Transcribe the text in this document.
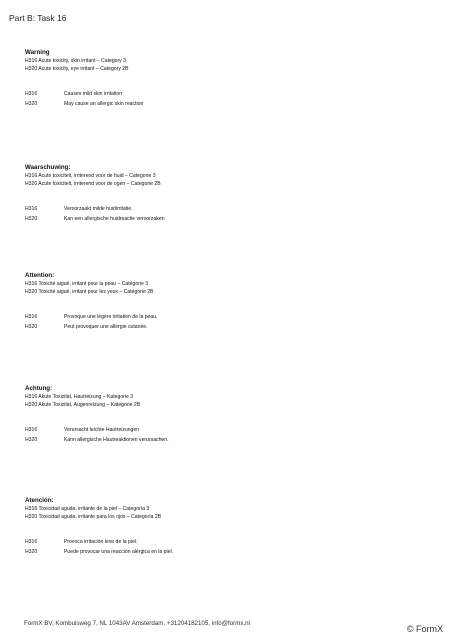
Part B: Task 16

Warning

H316 Acute toxicity, skin irritant – Category 3

H320 Acute toxicity, eye irritant – Category 2B

H316	Causes mild skin irritation
H320	May cause an allergic skin reaction

Waarschuwing:

H316 Acute toxiciteit, irriterend voor de huid – Categorie 3

H320 Acute toxiciteit, irriterend voor de ogen – Categorie 2B

H316	Veroorzaakt milde huidirritatie.
H320	Kan een allergische huidreactie veroorzaken

Attention:

H316 Toxicité aiguë, irritant pour la peau – Catégorie 3

H320 Toxicité aiguë, irritant pour les yeux – Catégorie 2B

H316	Provoque une légère irritation de la peau.
H320	Peut provoquer une allergie cutanée.

Achtung:

H316 Akute Toxizität, Hautreizung – Kategorie 3

H320 Akute Toxizität, Augenreizung – Kategorie 2B

H316	Verursacht leichte Hautreizungen
H320	Kann allergische Hautreaktionen verursachen.

Atención:

H316 Toxicidad aguda, irritante de la piel – Categoría 3

H320 Toxicidad aguda, irritante para los ojos – Categoría 2B

H316	Provoca irritación leve de la piel.
H320	Puede provocar una reacción alérgica en la piel.
FormX BV, Kombuisweg 7, NL 1043AV Amsterdam, +31204182105, info@formx.nl
© FormX
